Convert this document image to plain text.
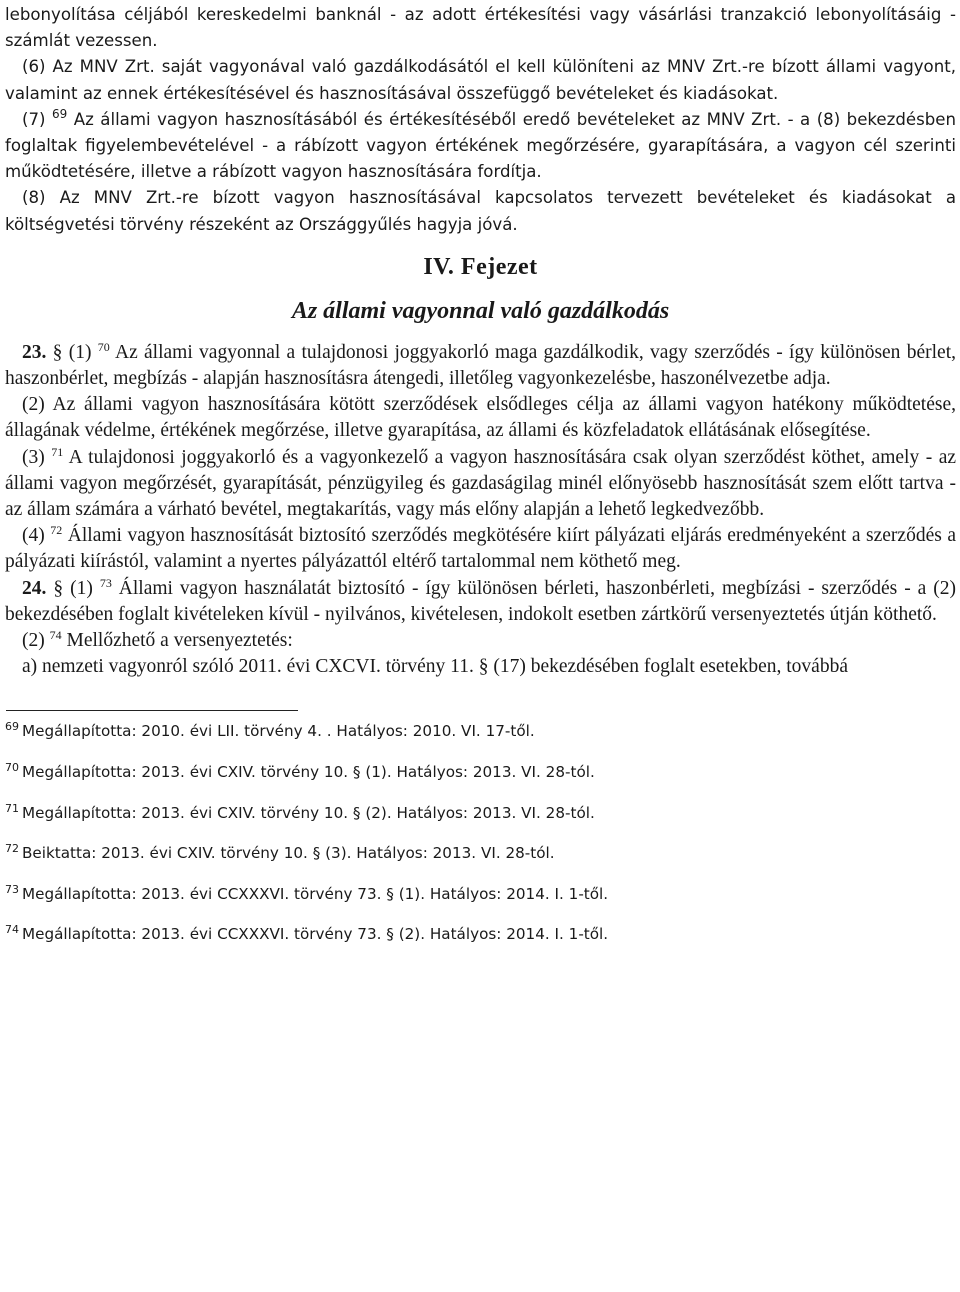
lebonyolítása céljából kereskedelmi banknál - az adott értékesítési vagy vásárlási tranzakció lebonyolításáig - számlát vezessen.

(6) Az MNV Zrt. saját vagyonával való gazdálkodásától el kell különíteni az MNV Zrt.-re bízott állami vagyont, valamint az ennek értékesítésével és hasznosításával összefüggő bevételeket és kiadásokat.

(7) $^{69}$ Az állami vagyon hasznosításából és értékesítéséből eredő bevételeket az MNV Zrt. - a (8) bekezdésben foglaltak figyelembevételével - a rábízott vagyon értékének megőrzésére, gyarapítására, a vagyon cél szerinti működtetésére, illetve a rábízott vagyon hasznosítására fordítja.

(8) Az MNV Zrt.-re bízott vagyon hasznosításával kapcsolatos tervezett bevételeket és kiadásokat a költségvetési törvény részeként az Országgyűlés hagyja jóvá.

IV. Fejezet
Az állami vagyonnal való gazdálkodás

23. § (1) $^{70}$ Az állami vagyonnal a tulajdonosi joggyakorló maga gazdálkodik, vagy szerződés - így különösen bérlet, haszonbérlet, megbízás - alapján hasznosításra átengedi, illetőleg vagyonkezelésbe, haszonélvezetbe adja.

(2) Az állami vagyon hasznosítására kötött szerződések elsődleges célja az állami vagyon hatékony működtetése, állagának védelme, értékének megőrzése, illetve gyarapítása, az állami és közfeladatok ellátásának elősegítése.

(3) $^{71}$ A tulajdonosi joggyakorló és a vagyonkezelő a vagyon hasznosítására csak olyan szerződést köthet, amely - az állami vagyon megőrzését, gyarapítását, pénzügyileg és gazdaságilag minél előnyösebb hasznosítását szem előtt tartva - az állam számára a várható bevétel, megtakarítás, vagy más előny alapján a lehető legkedvezőbb.

(4) $^{72}$ Állami vagyon hasznosítását biztosító szerződés megkötésére kiírt pályázati eljárás eredményeként a szerződés a pályázati kiírástól, valamint a nyertes pályázattól eltérő tartalommal nem köthető meg.

24. § (1) $^{73}$ Állami vagyon használatát biztosító - így különösen bérleti, haszonbérleti, megbízási - szerződés - a (2) bekezdésében foglalt kivételeken kívül - nyilvános, kivételesen, indokolt esetben zártkörű versenyeztetés útján köthető.

(2) $^{74}$ Mellőzhető a versenyeztetés:

a) nemzeti vagyonról szóló 2011. évi CXCVI. törvény 11. § (17) bekezdésében foglalt esetekben, továbbá

$^{69}$ Megállapította: 2010. évi LII. törvény 4. . Hatályos: 2010. VI. 17-től.

$^{70}$ Megállapította: 2013. évi CXIV. törvény 10. § (1). Hatályos: 2013. VI. 28-tól.

$^{71}$ Megállapította: 2013. évi CXIV. törvény 10. § (2). Hatályos: 2013. VI. 28-tól.

$^{72}$ Beiktatta: 2013. évi CXIV. törvény 10. § (3). Hatályos: 2013. VI. 28-tól.

$^{73}$ Megállapította: 2013. évi CCXXXVI. törvény 73. § (1). Hatályos: 2014. I. 1-től.

$^{74}$ Megállapította: 2013. évi CCXXXVI. törvény 73. § (2). Hatályos: 2014. I. 1-től.
